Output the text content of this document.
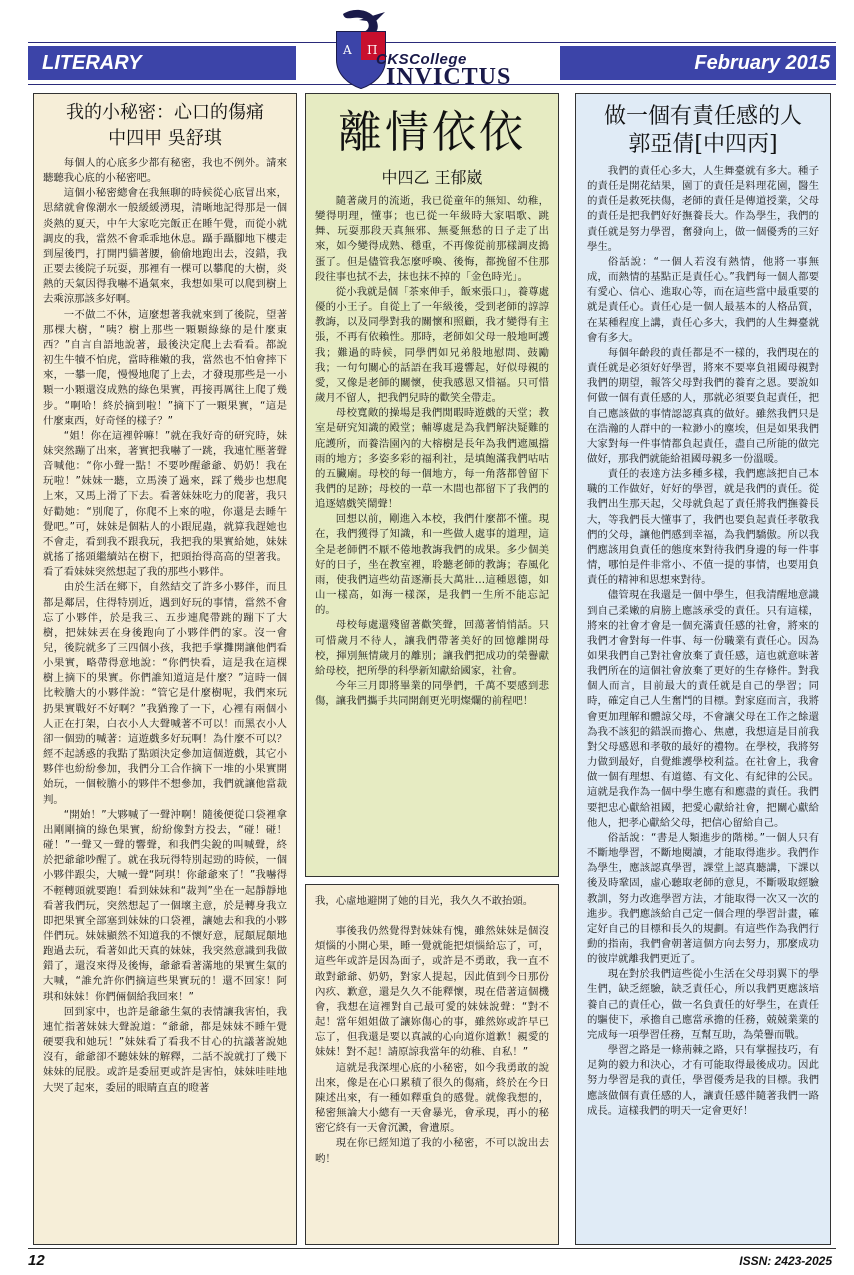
LITERARY	February 2015
A Π
CKSCollege
INVICTUS
我的小秘密：心口的傷痛
中四甲 吳舒琪

每個人的心底多少都有秘密，我也不例外。請來聽聽我心底的小秘密吧。

這個小秘密總會在我無聊的時候從心底冒出來，思緒就會像潮水一般緩緩湧現，清晰地記得那是一個炎熱的夏天，中午大家吃完飯正在睡午覺，而從小就調皮的我，當然不會乖乖地休息。躡手躡腳地下樓走到屋後門，打開門貓著腰，偷偷地跑出去，沒錯，我正要去後院子玩耍，那裡有一棵可以攀爬的大樹，炎熱的天氣因得我嚇不過氣來，我想如果可以爬到樹上去乘涼那該多好啊。

一不做二不休，這麼想著我就來到了後院，望著那棵大樹，“咦？樹上那些一顆顆綠綠的是什麼東西？”自言自語地說著，最後決定爬上去看看。都說初生牛犢不怕虎，當時稚嫩的我，當然也不怕會摔下來，一攀一爬，慢慢地爬了上去，才發現那些是一小顆一小顆還沒成熟的綠色果實，再接再厲往上爬了幾步。“啊哈！終於摘到啦！”摘下了一顆果實，“這是什麼東西，好奇怪的樣子？”

“姐！你在這裡幹嘛！”就在我好奇的研究時，妹妹突然蹦了出來，著實把我嚇了一跳，我連忙壓著聲音喊他：“你小聲一點！不要吵醒爺爺、奶奶！我在玩啦！”妹妹一聽，立馬湊了過來，踩了幾步也想爬上來，又馬上滑了下去。看著妹妹吃力的爬著，我只好勸她：“別爬了，你爬不上來的啦，你還是去睡午覺吧。”可，妹妹是個粘人的小跟屁蟲，就算我趕她也不會走，看到我不跟我玩，我把我的果實給她，妹妹就搖了搖頭繼續站在樹下，把頭抬得高高的望著我。看了看妹妹突然想起了我的那些小夥伴。

由於生活在鄉下，自然結交了許多小夥伴，而且都是鄰居，住得特別近，遇到好玩的事情，當然不會忘了小夥伴，於是我三、五步連爬帶跳的蹦下了大樹，把妹妹丟在身後跑向了小夥伴們的家。沒一會兒，後院就多了三四個小孩，我把手掌攤開讓他們看小果實，略帶得意地說：“你們快看，這是我在這棵樹上摘下的果實。你們誰知道這是什麼？”這時一個比較膽大的小夥伴說：“管它是什麼樹呢，我們來玩扔果實戰好不好啊？”我猶豫了一下，心裡有兩個小人正在打架，白衣小人大聲喊著不可以！而黑衣小人卻一個勁的喊著：這遊戲多好玩啊！為什麼不可以？經不起誘惑的我點了點頭決定參加這個遊戲，其它小夥伴也紛紛參加，我們分工合作摘下一堆的小果實開始玩，一個較膽小的夥伴不想參加，我們就讓他當裁判。

“開始！”大夥喊了一聲沖啊！隨後便從口袋裡拿出剛剛摘的綠色果實，紛紛像對方投去，“碰！碰！碰！”一聲又一聲的響聲，和我們尖銳的叫喊聲，終於把爺爺吵醒了。就在我玩得特別起勁的時候，一個小夥伴跟尖，大喊一聲“阿琪！你爺爺來了！”我嚇得不輕轉頭就要跑！看到妹妹和“裁判”坐在一起靜靜地看著我們玩，突然想起了一個壞主意，於是轉身我立即把果實全部塞到妹妹的口袋裡，讓她去和我的小夥伴們玩。妹妹顯然不知道我的不懷好意，屁顛屁顛地跑過去玩，看著如此天真的妹妹，我突然意識到我做錯了，還沒來得及後悔，爺爺看著滿地的果實生氣的大喊，“誰允許你們摘這些果實玩的！還不回家！阿琪和妹妹！你們倆個給我回來！”

回到家中，也許是爺爺生氣的表情讓我害怕，我連忙指著妹妹大聲說道：“爺爺，都是妹妹不睡午覺硬要我和她玩！”妹妹看了看我不甘心的抗議著說她沒有，爺爺卻不聽妹妹的解釋，二話不說就打了幾下妹妹的屁股。或許是委屈更或許是害怕，妹妹哇哇地大哭了起來，委屈的眼睛直直的瞪著

離情依依
中四乙 王郁崴

隨著歲月的流逝，我已從童年的無知、幼稚，變得明理，懂事；也已從一年級時大家唱歌、跳舞、玩耍那段天真無邪、無憂無愁的日子走了出來，如今變得成熟、穩重，不再像從前那樣調皮搗蛋了。但是儘管我怎麼呼喚、後悔，都挽留不住那段往事也拭不去，抹也抹不掉的「金色時光」。

從小我就是個「茶來伸手，飯來張口」，養尊處優的小王子。自從上了一年級後，受到老師的諄諄教誨，以及同學對我的關懷和照顧，我才變得有主張，不再有依賴性。那時，老師如父母一般地呵護我；難過的時候，同學們如兄弟般地慰問、鼓勵我；一句句關心的話語在我耳邊響起，好似母親的愛，又像是老師的關懷，使我感恩又惜福。只可惜歲月不留人，把我們兒時的歡笑全帶走。

母校寬敞的操場是我們閒暇時遊戲的天堂；教室是研究知識的殿堂；輔導處是為我們解決疑難的庇護所，而養浩園內的大榕樹是長年為我們遮風擋雨的地方；多姿多彩的福利社，是填飽滿我們咕咕的五臟廟。母校的每一個地方，每一角落都曾留下我們的足跡；母校的一草一木間也都留下了我們的追逐嬉戲笑鬧聲！

回想以前，剛進入本校，我們什麼都不懂。現在，我們獲得了知識，和一些做人處事的道理，這全是老師們不厭不倦地教誨我們的成果。多少個美好的日子，坐在教室裡，聆聽老師的教誨；春風化雨，使我們這些幼苗逐漸長大萬壯…這種恩德，如山一樣高，如海一樣深，是我們一生所不能忘記的。

母校每處還殘留著歡笑聲，回蕩著悄悄話。只可惜歲月不待人，讓我們帶著美好的回憶離開母校，揮別無情歲月的離別；讓我們把成功的榮譽獻給母校，把所學的科學新知獻給國家，社會。

今年三月即將畢業的同學們，千萬不要感到悲傷，讓我們攜手共同開創更光明燦爛的前程吧！

我，心虛地避開了她的目光，我久久不敢抬頭。

事後我仍然覺得對妹妹有愧，雖然妹妹是個沒煩惱的小開心果，睡一覺就能把煩惱給忘了，可，這些年或許是因為面子，或許是不勇敢，我一直不敢對爺爺、奶奶，對家人提起，因此值到今日那份內疚、歉意，還是久久不能釋懷，現在借著這個機會，我想在這裡對自己最可愛的妹妹說聲：“對不起！當年姐姐做了讓妳傷心的事，雖然妳或許早已忘了，但我還是要以真誠的心向道你道歉！親愛的妹妹！對不起！請原諒我當年的幼稚、自私！”

這就是我深埋心底的小秘密，如今我勇敢的說出來，像是在心口累積了很久的傷痛，終於在今日陳述出來，有一種如釋重負的感覺。就像我想的，秘密無論大小總有一天會暴光，會承現，再小的秘密它終有一天會沉澱，會遺原。

現在你已經知道了我的小秘密，不可以說出去哟！

做一個有責任感的人
郭亞倩[中四丙]

我們的責任心多大，人生舞臺就有多大。種子的責任是開花結果，園丁的責任是料理花園，醫生的責任是救死扶傷，老師的責任是傳道授業，父母的責任是把我們好好撫養長大。作為學生，我們的責任就是努力學習，奮發向上，做一個優秀的三好學生。

俗話說：“一個人若沒有熱情，他將一事無成，而熱情的基點正是責任心。”我們每一個人都要有愛心、信心、進取心等，而在這些當中最重要的就是責任心。責任心是一個人最基本的人格品質，在某種程度上講，責任心多大，我們的人生舞臺就會有多大。

每個年齡段的責任都是不一樣的，我們現在的責任就是必須好好學習，將來不要辜負祖國母親對我們的期望，報答父母對我們的養育之恩。要說如何做一個有責任感的人，那就必須要負起責任，把自己應該做的事情認認真真的做好。雖然我們只是在浩瀚的人群中的一粒渺小的塵埃，但是如果我們大家對每一件事情都負起責任，盡自己所能的做完做好，那我們就能給祖國母親多一份溫暖。

責任的表達方法多種多樣，我們應該把自己本職的工作做好，好好的學習，就是我們的責任。從我們出生那天起，父母就負起了責任將我們撫養長大，等我們長大懂事了，我們也要負起責任孝敬我們的父母，讓他們感到幸福，為我們驕傲。所以我們應該用負責任的態度來對待我們身邊的每一件事情，哪怕是件非常小、不值一提的事情，也要用負責任的精神和思想來對待。

儘管現在我還是一個中學生，但我清醒地意識到自己柔嫩的肩膀上應該承受的責任。只有這樣，將來的社會才會是一個充滿責任感的社會，將來的我們才會對每一件事、每一份職業有責任心。因為如果我們自己對社會放棄了責任感，這也就意味著我們所在的這個社會放棄了更好的生存條件。對我個人而言，目前最大的責任就是自己的學習；同時，確定自己人生奮鬥的目標。對家庭而言，我將會更加理解和體諒父母，不會讓父母在工作之餘還為我不該犯的錯誤而擔心、焦慮，我想這是目前我對父母感恩和孝敬的最好的禮物。在學校，我將努力做到最好，自覺維護學校利益。在社會上，我會做一個有理想、有道德、有文化、有紀律的公民。這就是我作為一個中學生應有和應盡的責任。我們要把忠心獻給祖國，把愛心獻給社會，把關心獻給他人，把孝心獻給父母，把信心留給自己。

俗話說：“書是人類進步的階梯。”一個人只有不斷地學習，不斷地閱讀，才能取得進步。我們作為學生，應該認真學習，課堂上認真聽講，下課以後及時鞏固，虛心聽取老師的意見，不斷吸取經驗教訓，努力改進學習方法，才能取得一次又一次的進步。我們應該給自己定一個合理的學習計畫，確定好自己的目標和長久的規劃。有這些作為我們行動的指南，我們會朝著這個方向去努力，那麼成功的彼岸就離我們更近了。

現在對於我們這些從小生活在父母羽翼下的學生們，缺乏經驗，缺乏責任心，所以我們更應該培養自己的責任心，做一名負責任的好學生，在責任的驅使下，承擔自己應當承擔的任務，兢兢業業的完成每一項學習任務，互幫互助，為榮譽而戰。

學習之路是一條荊棘之路，只有掌握技巧，有足夠的毅力和決心，才有可能取得最後成功。因此努力學習是我的責任，學習優秀是我的目標。我們應該做個有責任感的人，讓責任感伴隨著我們一路成長。這樣我們的明天一定會更好！

12	ISSN: 2423-2025
